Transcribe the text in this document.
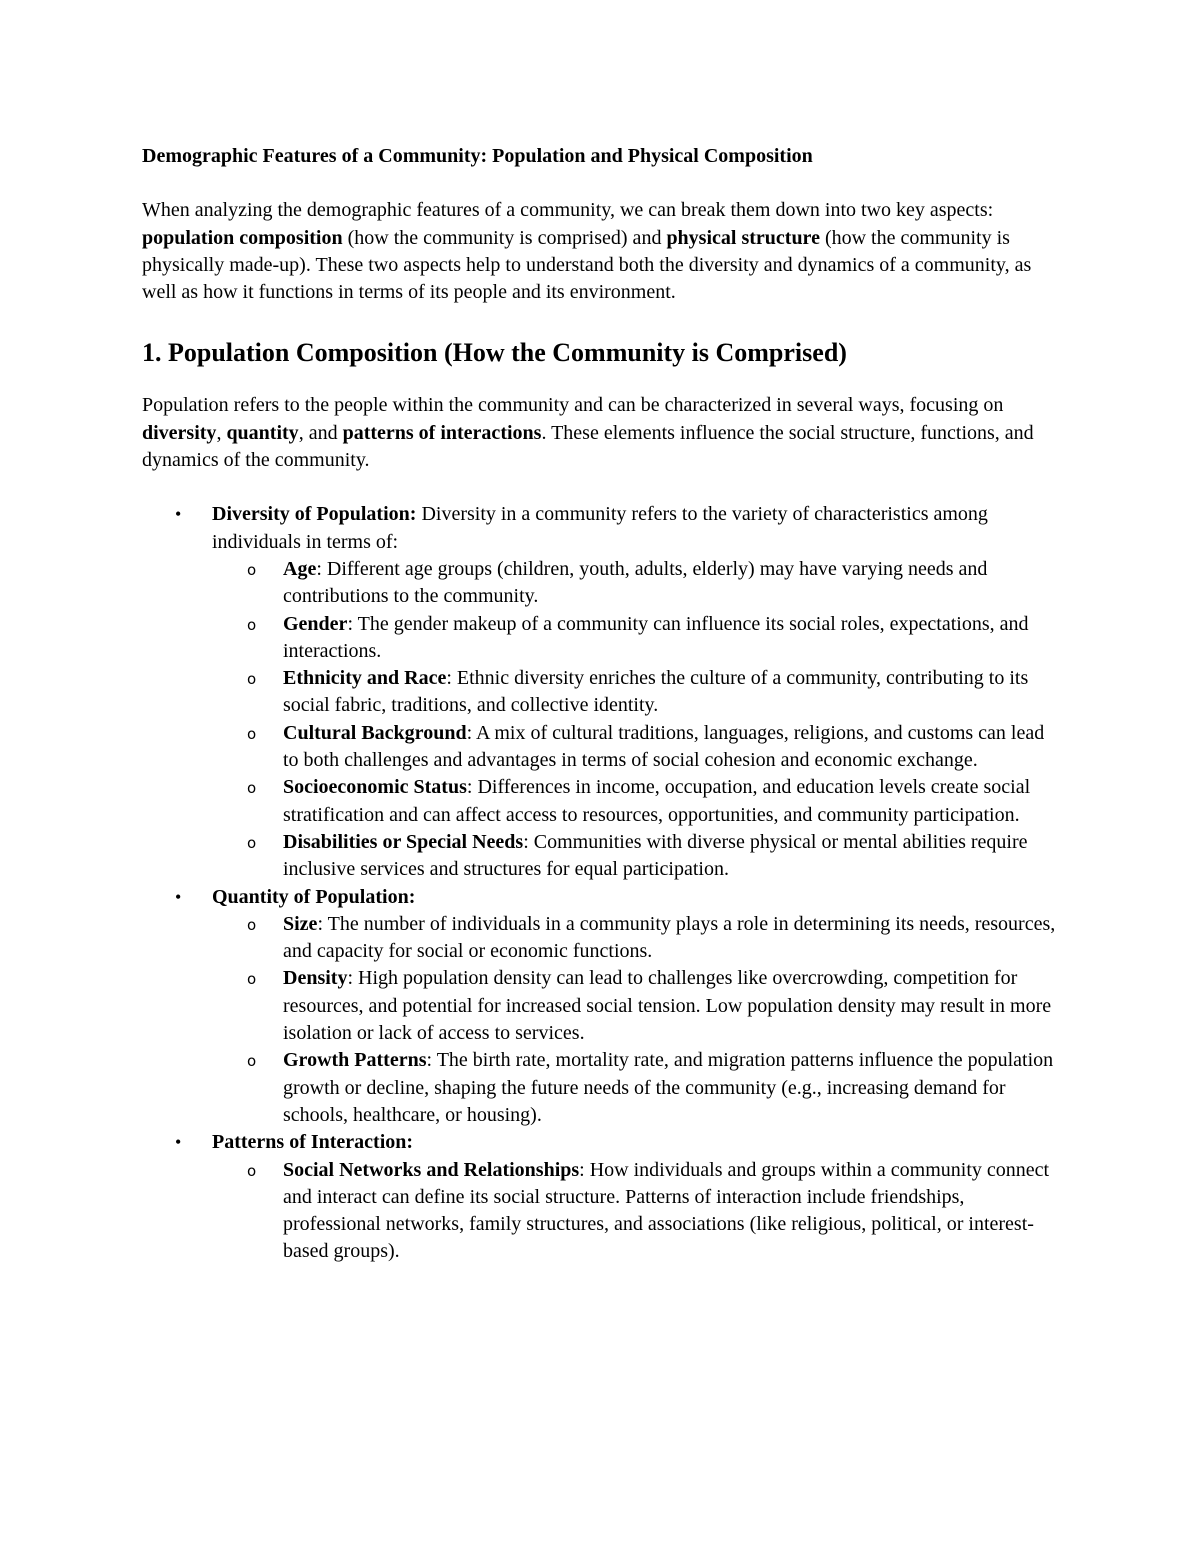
Demographic Features of a Community: Population and Physical Composition

When analyzing the demographic features of a community, we can break them down into two key aspects: population composition (how the community is comprised) and physical structure (how the community is physically made-up). These two aspects help to understand both the diversity and dynamics of a community, as well as how it functions in terms of its people and its environment.

1. Population Composition (How the Community is Comprised)

Population refers to the people within the community and can be characterized in several ways, focusing on diversity, quantity, and patterns of interactions. These elements influence the social structure, functions, and dynamics of the community.

• Diversity of Population: Diversity in a community refers to the variety of characteristics among individuals in terms of:
o Age: Different age groups (children, youth, adults, elderly) may have varying needs and contributions to the community.
o Gender: The gender makeup of a community can influence its social roles, expectations, and interactions.
o Ethnicity and Race: Ethnic diversity enriches the culture of a community, contributing to its social fabric, traditions, and collective identity.
o Cultural Background: A mix of cultural traditions, languages, religions, and customs can lead to both challenges and advantages in terms of social cohesion and economic exchange.
o Socioeconomic Status: Differences in income, occupation, and education levels create social stratification and can affect access to resources, opportunities, and community participation.
o Disabilities or Special Needs: Communities with diverse physical or mental abilities require inclusive services and structures for equal participation.
• Quantity of Population:
o Size: The number of individuals in a community plays a role in determining its needs, resources, and capacity for social or economic functions.
o Density: High population density can lead to challenges like overcrowding, competition for resources, and potential for increased social tension. Low population density may result in more isolation or lack of access to services.
o Growth Patterns: The birth rate, mortality rate, and migration patterns influence the population growth or decline, shaping the future needs of the community (e.g., increasing demand for schools, healthcare, or housing).
• Patterns of Interaction:
o Social Networks and Relationships: How individuals and groups within a community connect and interact can define its social structure. Patterns of interaction include friendships, professional networks, family structures, and associations (like religious, political, or interest-based groups).
